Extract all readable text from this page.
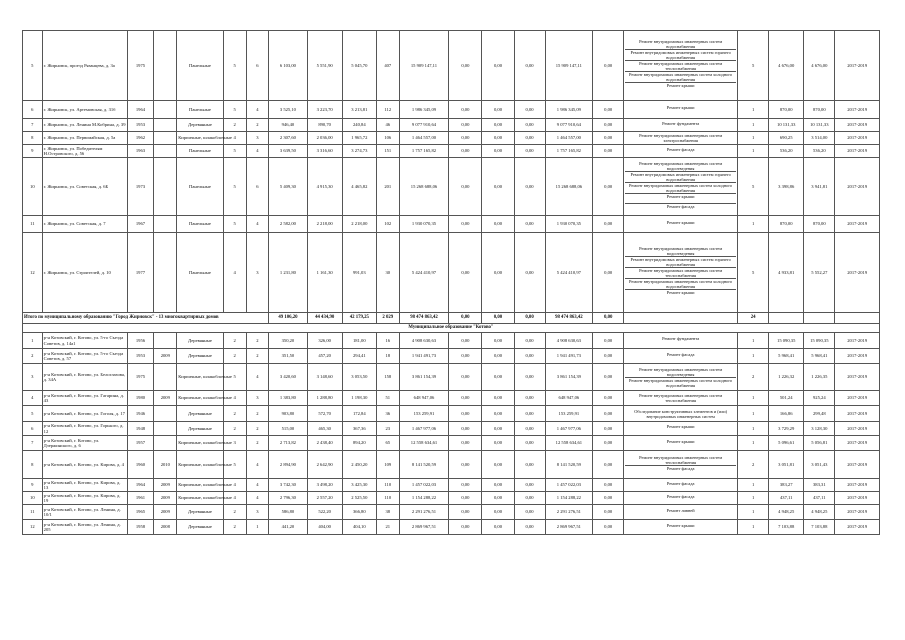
5	г. Жирновск, проезд Рязанцева, д. 3а	1975		Панельные	5	6	6 103,00	5 551,90	5 045,70	407	15 909 147,11	0,00	0,00	0,00	15 909 147,11	0,00	Ремонт внутридомовых инженерных систем водоснабжения
Ремонт внутридомовых инженерных систем горячего водоснабжения
Ремонт внутридомовых инженерных систем теплоснабжения
Ремонт внутридомовых инженерных систем холодного водоснабжения
Ремонт крыши	5	4 676,00	4 676,00	2017-2019
6	г. Жирновск, ул. Артемовская, д. 31б	1964		Панельные	5	4	3 525,10	3 223,70	3 213,81	112	1 986 345,09	0,00	0,00	0,00	1 986 345,09	0,00	Ремонт крыши	1	870,00	870,00	2017-2019
7	г. Жирновск, ул. Ленина М.Кобрина, д. 39	1953		Деревянные	2	2	946,40	890,70	240,84	46	9 077 910,64	0,00	0,00	0,00	9 077 910,64	0,00	Ремонт фундамента	1	10 131,33	10 131,33	2017-2019
8	г. Жирновск, ул. Первомайская, д. 5а	1962		Кирпичные, шлакоблочные	4	3	2 307,60	2 036,00	1 965,72	106	1 464 557,00	0,00	0,00	0,00	1 464 557,00	0,00	Ремонт внутридомовых инженерных систем электроснабжения	1	690,25	3 514,00	2017-2019
9	г. Жирновск, ул. Победителям Н.Островского, д. 56	1963		Панельные	5	4	3 639,50	3 316,60	3 274,73	151	1 757 165,82	0,00	0,00	0,00	1 757 165,82	0,00	Ремонт фасада	1	536,20	536,20	2017-2019
10	г. Жирновск, ул. Советская, д. 6Б	1973		Панельные	5	6	5 409,30	4 915,30	4 465,82	201	15 268 688,06	0,00	0,00	0,00	15 268 688,06	0,00	Ремонт внутридомовых инженерных систем водоотведения
Ремонт внутридомовых инженерных систем горячего водоснабжения
Ремонт внутридомовых инженерных систем холодного водоснабжения
Ремонт крыши
Ремонт фасада	5	3 398,86	3 941,81	2017-2019
11	г. Жирновск, ул. Советская, д. 7	1967		Панельные	5	4	2 582,00	2 218,00	2 218,00	102	1 930 070,35	0,00	0,00	0,00	1 930 070,35	0,00	Ремонт крыши	1	870,00	870,00	2017-2019
12	г. Жирновск, ул. Строителей, д. 10	1977		Панельные	4	3	1 231,80	1 161,30	991,03	30	5 424 410,97	0,00	0,00	0,00	5 424 410,97	0,00	Ремонт внутридомовых инженерных систем водоотведения
Ремонт внутридомовых инженерных систем горячего водоснабжения
Ремонт внутридомовых инженерных систем теплоснабжения
Ремонт внутридомовых инженерных систем холодного водоснабжения
Ремонт крыши	5	4 933,81	5 552,27	2017-2019
Итого по муниципальному образованию "Город Жирновск" - 13 многоквартирных домов							49 106,20	44 434,90	42 179,25	2 029	98 474 863,42	0,00	0,00	0,00	98 474 863,42	0,00		24			
Муниципальное образование "Котово"																					
1	р-н Котовский, г. Котово, ул. 5-го Съезда Советов, д. 14а1	1956		Деревянные	2	2	350,20	326,00	181,00	16	4 908 630,63	0,00	0,00	0,00	4 908 630,63	0,00	Ремонт фундамента	1	15 090,35	15 090,35	2017-2019
2	р-н Котовский, г. Котово, ул. 5-го Съезда Советов, д. 57	1953	2009	Деревянные	2	2	351,50	457,20	294,41	18	1 941 491,73	0,00	0,00	0,00	1 941 491,73	0,00	Ремонт фасада	1	5 968,41	5 968,41	2017-2019
3	р-н Котовский, г. Котово, ул. Белоглазова, д. 34А	1975		Кирпичные, шлакоблочные	5	4	3 420,60	3 148,60	3 053,50	158	3 861 154,39	0,00	0,00	0,00	3 861 154,39	0,00	Ремонт внутридомовых инженерных систем водоотведения
Ремонт внутридомовых инженерных систем холодного водоснабжения	2	1 226,32	1 226,35	2017-2019
4	р-н Котовский, г. Котово, ул. Гагарина, д. 43	1980	2009	Кирпичные, шлакоблочные	4	3	1 383,80	1 288,80	1 198,30	51	648 947,06	0,00	0,00	0,00	648 947,06	0,00	Ремонт внутридомовых инженерных систем теплоснабжения	1	501,24	925,24	2017-2019
5	р-н Котовский, г. Котово, ул. Гоголя, д. 17	1946		Деревянные	2	2	903,80	572,70	172,84	36	153 259,91	0,00	0,00	0,00	153 259,91	0,00	Обследование конструктивных элементов и (или) внутридомовых инженерных систем	1	166,86	299,48	2017-2019
6	р-н Котовский, г. Котово, ул. Горького, д. 12	1948		Деревянные	2	2	515,00	465,30	367,36	23	1 467 977,06	0,00	0,00	0,00	1 467 977,06	0,00	Ремонт крыши	1	3 729,29	3 128,30	2017-2019
7	р-н Котовский, г. Котово, ул. Дзержинского, д. 6	1957		Кирпичные, шлакоблочные	3	2	2 713,82	2 438,40	894,20	65	12 558 634,61	0,00	0,00	0,00	12 558 634,61	0,00	Ремонт крыши	1	5 096,61	5 056,81	2017-2019
8	р-н Котовский, г. Котово, ул. Кирова, д. 4	1960	2010	Кирпичные, шлакоблочные	5	4	2 894,90	2 642,90	2 450,20	109	8 141 520,59	0,00	0,00	0,00	8 141 520,59	0,00	Ремонт внутридомовых инженерных систем теплоснабжения
Ремонт фасада	2	3 051,81	3 051,43	2017-2019
9	р-н Котовский, г. Котово, ул. Кирова, д. 13	1964	2009	Кирпичные, шлакоблочные	4	4	3 742,30	3 498,20	3 425,30	110	1 457 022,03	0,00	0,00	0,00	1 457 022,03	0,00	Ремонт фасада	1	383,27	383,31	2017-2019
10	р-н Котовский, г. Котово, ул. Кирова, д. 19	1961	2009	Кирпичные, шлакоблочные	4	4	2 796,30	2 557,20	2 525,50	110	1 154 288,22	0,00	0,00	0,00	1 154 288,22	0,00	Ремонт фасада	1	437,11	437,11	2017-2019
11	р-н Котовский, г. Котово, ул. Ленина, д. 10/1	1965	2009	Деревянные	2	3	586,80	522,20	366,80	38	2 291 276,51	0,00	0,00	0,00	2 291 276,51	0,00	Ремонт ливней	1	4 948,25	4 948,25	2017-2019
12	р-н Котовский, г. Котово, ул. Ленина, д. 205	1958	2008	Деревянные	2	1	441,20	404,00	404,10	21	2 869 967,51	0,00	0,00	0,00	2 869 967,51	0,00	Ремонт крыши	1	7 103,88	7 103,88	2017-2019
